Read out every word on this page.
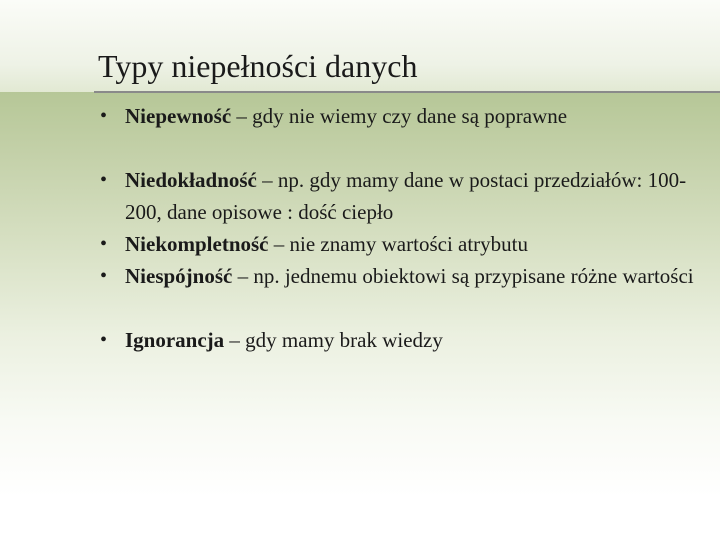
Typy niepełności danych
• Niepewność – gdy nie wiemy czy dane są poprawne
• Niedokładność – np. gdy mamy dane w postaci przedziałów: 100-200, dane opisowe : dość ciepło
• Niekompletność – nie znamy wartości atrybutu
• Niespójność – np. jednemu obiektowi są przypisane różne wartości
• Ignorancja – gdy mamy brak wiedzy
